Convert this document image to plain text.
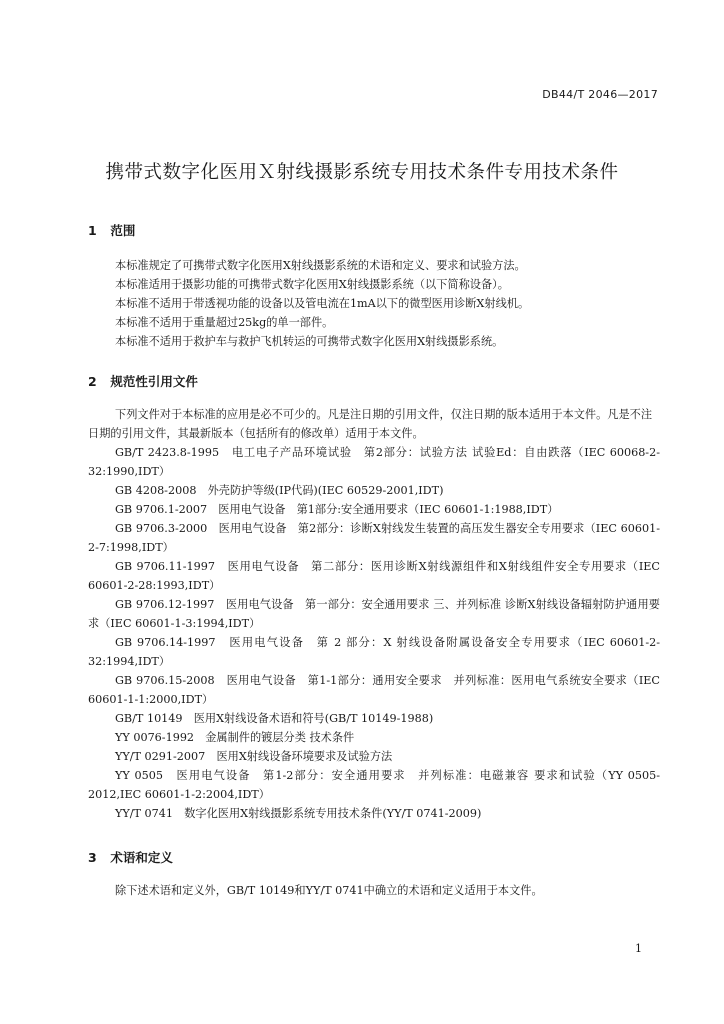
DB44/T 2046—2017
携带式数字化医用Ｘ射线摄影系统专用技术条件专用技术条件
1 范围

本标准规定了可携带式数字化医用X射线摄影系统的术语和定义、要求和试验方法。

本标准适用于摄影功能的可携带式数字化医用X射线摄影系统（以下简称设备）。

本标准不适用于带透视功能的设备以及管电流在1mA以下的微型医用诊断X射线机。

本标准不适用于重量超过25kg的单一部件。

本标准不适用于救护车与救护飞机转运的可携带式数字化医用X射线摄影系统。

2 规范性引用文件

下列文件对于本标准的应用是必不可少的。凡是注日期的引用文件，仅注日期的版本适用于本文件。凡是不注日期的引用文件，其最新版本（包括所有的修改单）适用于本文件。

GB/T 2423.8-1995　电工电子产品环境试验　第2部分：试验方法 试验Ed：自由跌落（IEC 60068-2-32:1990,IDT）

GB 4208-2008　外壳防护等级(IP代码)(IEC 60529-2001,IDT)

GB 9706.1-2007　医用电气设备　第1部分:安全通用要求（IEC 60601-1:1988,IDT）

GB 9706.3-2000　医用电气设备　第2部分：诊断X射线发生装置的高压发生器安全专用要求（IEC 60601-2-7:1998,IDT）

GB 9706.11-1997　医用电气设备　第二部分：医用诊断X射线源组件和X射线组件安全专用要求（IEC 60601-2-28:1993,IDT）

GB 9706.12-1997　医用电气设备　第一部分：安全通用要求 三、并列标准 诊断X射线设备辐射防护通用要求（IEC 60601-1-3:1994,IDT）

GB 9706.14-1997　医用电气设备　第 2 部分：X 射线设备附属设备安全专用要求（IEC 60601-2-32:1994,IDT）

GB 9706.15-2008　医用电气设备　第1-1部分：通用安全要求　并列标准：医用电气系统安全要求（IEC 60601-1-1:2000,IDT）

GB/T 10149　医用X射线设备术语和符号(GB/T 10149-1988)

YY 0076-1992　金属制件的镀层分类 技术条件

YY/T 0291-2007　医用X射线设备环境要求及试验方法

YY 0505　医用电气设备　第1-2部分：安全通用要求　并列标准：电磁兼容 要求和试验（YY 0505-2012,IEC 60601-1-2:2004,IDT）

YY/T 0741　数字化医用X射线摄影系统专用技术条件(YY/T 0741-2009)

3 术语和定义

除下述术语和定义外，GB/T 10149和YY/T 0741中确立的术语和定义适用于本文件。

1
